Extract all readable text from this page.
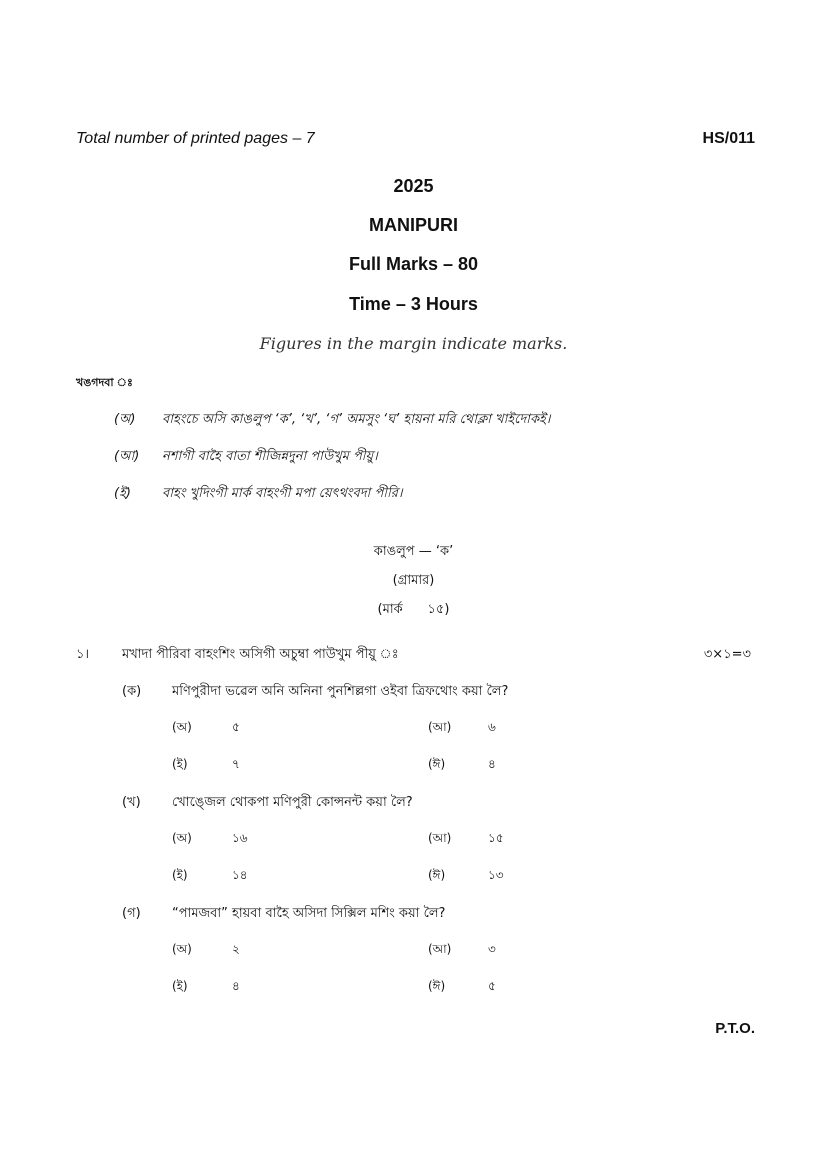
Total number of printed pages – 7	HS/011
2025
MANIPURI
Full Marks – 80
Time – 3 Hours
Figures in the margin indicate marks.
খঙগদবা ঃ
(অ) বাহংচে অসি কাঙলুপ ‘ক’, ‘খ’, ‘গ’ অমসুং ‘ঘ’ হায়না মরি থোক্লা খাইদোকই।
(আ) নশাগী বাহৈ বাতা শীজিন্নদুনা পাউখুম পীয়ু।
(ই) বাহং খুদিংগী মার্ক বাহংগী মপা য়েৎথংবদা পীরি।
কাঙলুপ — ‘ক’
(গ্রামার)
(মার্ক ১৫)
১।	মখাদা পীরিবা বাহংশিং অসিগী অচুম্বা পাউখুম পীয়ু ঃ	৩×১=৩
(ক) মণিপুরীদা ভৱেল অনি অনিনা পুনশিল্লগা ওইবা ত্রিফথোং কয়া লৈ?
(অ)	৫	(আ)	৬
(ই)	৭	(ঈ)	৪
(খ) খোঙ্জেল থোকপা মণিপুরী কোন্সনন্ট কয়া লৈ?
(অ)	১৬	(আ)	১৫
(ই)	১৪	(ঈ)	১৩
(গ) “পামজবা” হায়বা বাহৈ অসিদা সিক্সিল মশিং কয়া লৈ?
(অ)	২	(আ)	৩
(ই)	৪	(ঈ)	৫
P.T.O.
